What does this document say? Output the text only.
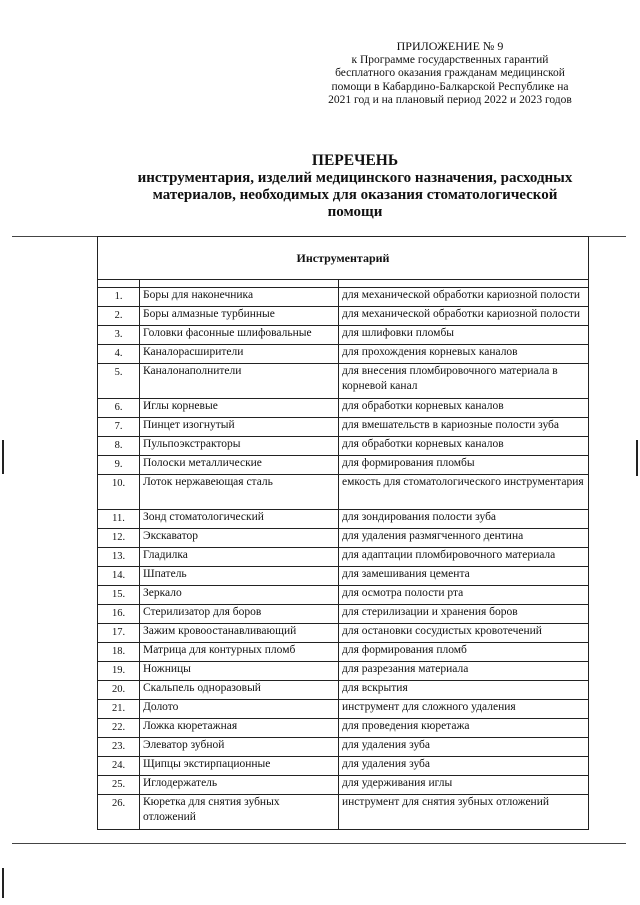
ПРИЛОЖЕНИЕ № 9
к Программе государственных гарантий
бесплатного оказания гражданам медицинской
помощи в Кабардино-Балкарской Республике на
2021 год и на плановый период 2022 и 2023 годов
ПЕРЕЧЕНЬ
инструментария, изделий медицинского назначения, расходных
материалов, необходимых для оказания стоматологической
помощи
Инструментарий		

1.	Боры для наконечника	для механической обработки кариозной полости
2.	Боры алмазные турбинные	для механической обработки кариозной полости
3.	Головки фасонные шлифовальные	для шлифовки пломбы
4.	Каналорасширители	для прохождения корневых каналов
5.	Каналонаполнители	для внесения пломбировочного материала в корневой канал
6.	Иглы корневые	для обработки корневых каналов
7.	Пинцет изогнутый	для вмешательств в кариозные полости зуба
8.	Пульпоэкстракторы	для обработки корневых каналов
9.	Полоски металлические	для формирования пломбы
10.	Лоток нержавеющая сталь	емкость для стоматологического инструментария
11.	Зонд стоматологический	для зондирования полости зуба
12.	Экскаватор	для удаления размягченного дентина
13.	Гладилка	для адаптации пломбировочного материала
14.	Шпатель	для замешивания цемента
15.	Зеркало	для осмотра полости рта
16.	Стерилизатор для боров	для стерилизации и хранения боров
17.	Зажим кровоостанавливающий	для остановки сосудистых кровотечений
18.	Матрица для контурных пломб	для формирования пломб
19.	Ножницы	для разрезания материала
20.	Скальпель одноразовый	для вскрытия
21.	Долото	инструмент для сложного удаления
22.	Ложка кюретажная	для проведения кюретажа
23.	Элеватор зубной	для удаления зуба
24.	Щипцы экстирпационные	для удаления зуба
25.	Иглодержатель	для удерживания иглы
26.	Кюретка для снятия зубных отложений	инструмент для снятия зубных отложений
